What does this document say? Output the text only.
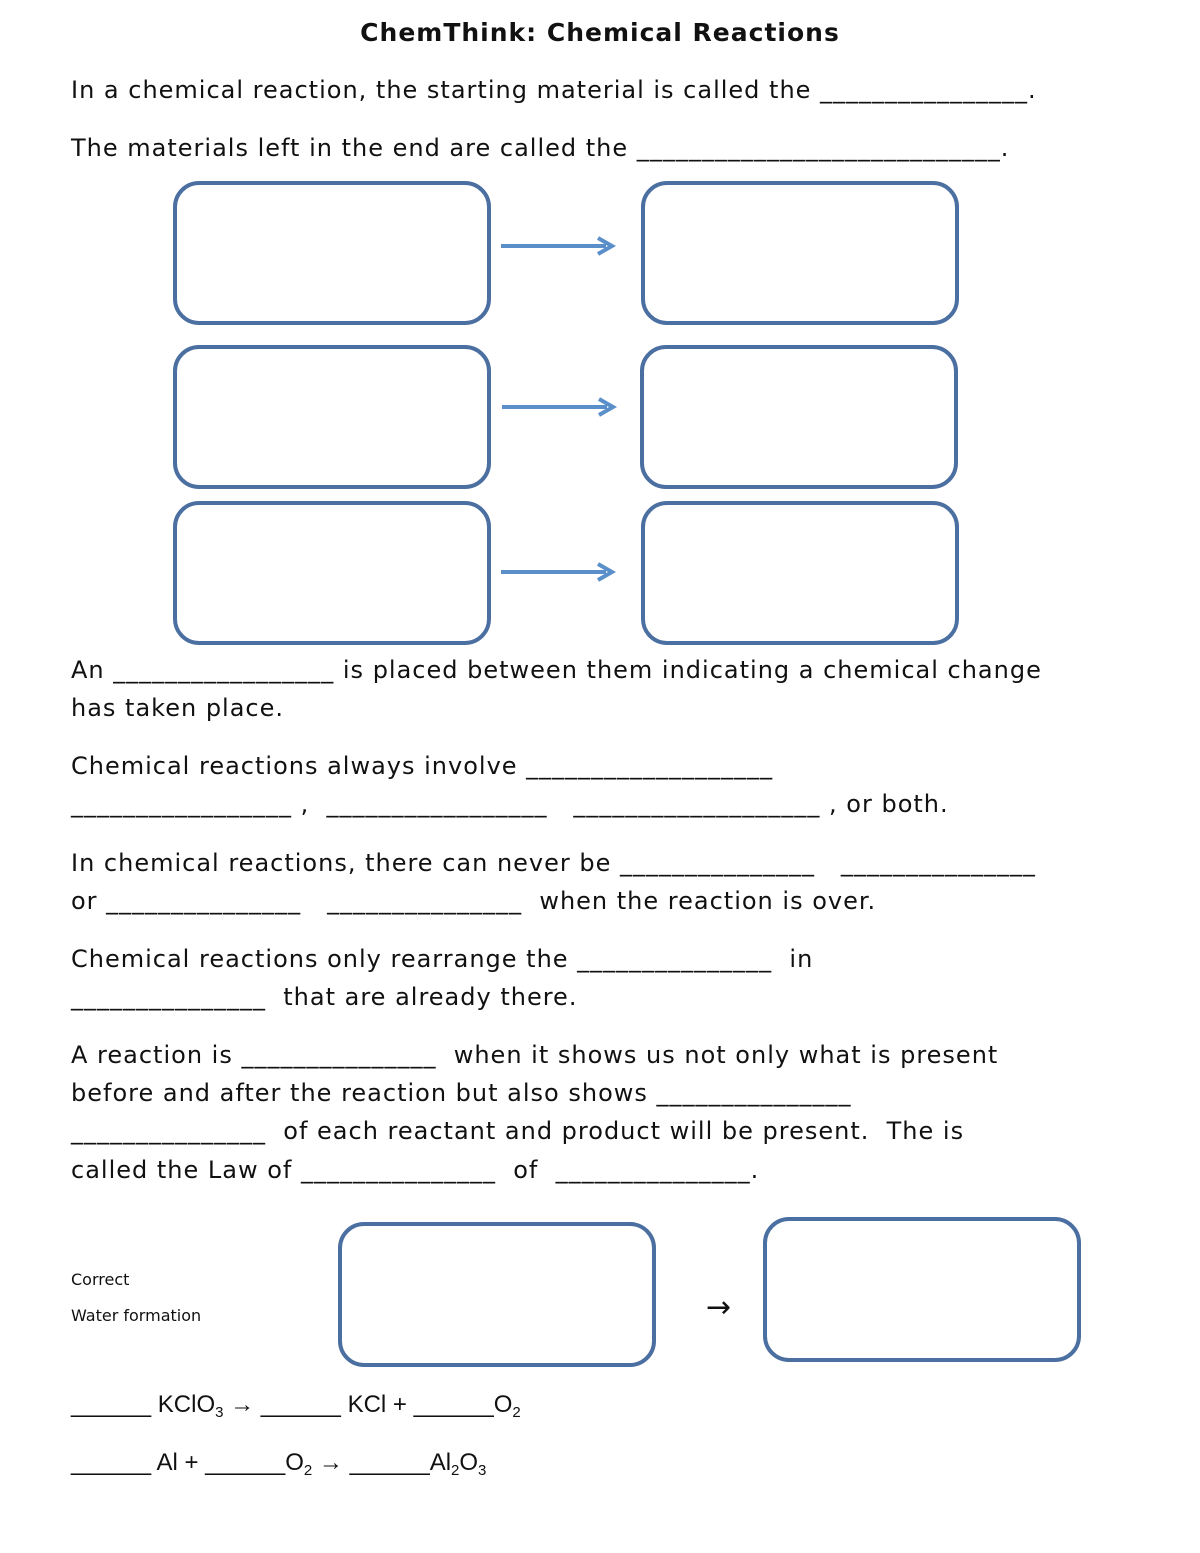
ChemThink: Chemical Reactions
In a chemical reaction, the starting material is called the ________________.
The materials left in the end are called the ____________________________.
An _________________ is placed between them indicating a chemical change
has taken place.
Chemical reactions always involve ___________________
_________________ ,  _________________   ___________________ , or both.
In chemical reactions, there can never be _______________   _______________
or _______________   _______________  when the reaction is over.
Chemical reactions only rearrange the _______________  in
_______________  that are already there.
A reaction is _______________  when it shows us not only what is present
before and after the reaction but also shows _______________
_______________  of each reactant and product will be present.  The is
called the Law of _______________  of  _______________.
Correct
Water formation	→
______ KClO$_3$ → ______ KCl + $\_\_\_\_\_\_O_2$
______ $Al + \_\_\_\_\_\_O_2$ → $\_\_\_\_\_\_Al_2O_3$
